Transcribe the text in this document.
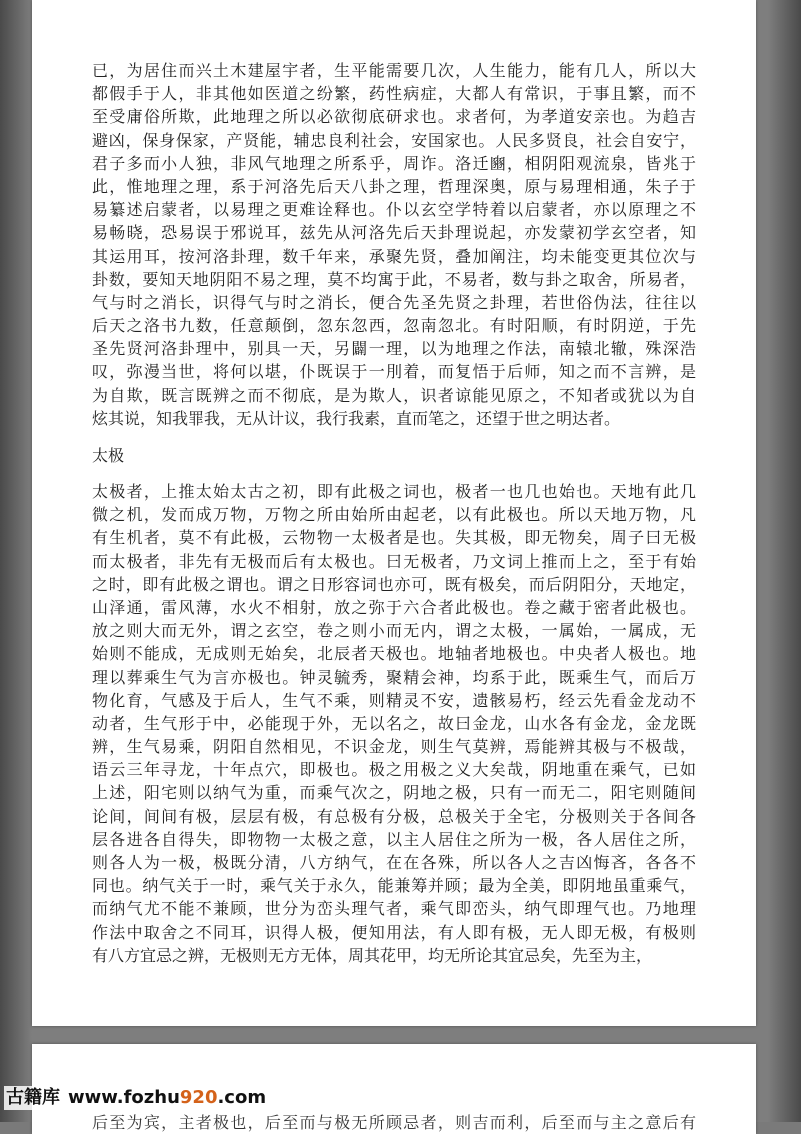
已，为居住而兴土木建屋宇者，生平能需要几次，人生能力，能有几人，所以大
都假手于人，非其他如医道之纷繁，药性病症，大都人有常识，于事且繁，而不
至受庸俗所欺，此地理之所以必欲彻底研求也。求者何，为孝道安亲也。为趋吉
避凶，保身保家，产贤能，辅忠良利社会，安国家也。人民多贤良，社会自安宁，
君子多而小人独，非风气地理之所系乎，周诈。洛迁豳，相阴阳观流泉，皆兆于
此，惟地理之理，系于河洛先后天八卦之理，哲理深奥，原与易理相通，朱子于
易纂述启蒙者，以易理之更难诠释也。仆以玄空学特着以启蒙者，亦以原理之不
易畅晓，恐易误于邪说耳，兹先从河洛先后天卦理说起，亦发蒙初学玄空者，知
其运用耳，按河洛卦理，数千年来，承聚先贤，叠加阐注，均未能变更其位次与
卦数，要知天地阴阳不易之理，莫不均寓于此，不易者，数与卦之取舍，所易者，
气与时之消长，识得气与时之消长，便合先圣先贤之卦理，若世俗伪法，往往以
后天之洛书九数，任意颠倒，忽东忽西，忽南忽北。有时阳顺，有时阴逆，于先
圣先贤河洛卦理中，别具一天，另闢一理，以为地理之作法，南辕北辙，殊深浩
叹，弥漫当世，将何以堪，仆既误于一刖着，而复悟于后师，知之而不言辨，是
为自欺，既言既辨之而不彻底，是为欺人，识者谅能见原之，不知者或犹以为自
炫其说，知我罪我，无从计议，我行我素，直而笔之，还望于世之明达者。
太极
太极者，上推太始太古之初，即有此极之词也，极者一也几也始也。天地有此几
微之机，发而成万物，万物之所由始所由起老，以有此极也。所以天地万物，凡
有生机者，莫不有此极，云物物一太极者是也。失其极，即无物矣，周子曰无极
而太极者，非先有无极而后有太极也。曰无极者，乃文词上推而上之，至于有始
之时，即有此极之谓也。谓之日形容词也亦可，既有极矣，而后阴阳分，天地定，
山泽通，雷风薄，水火不相射，放之弥于六合者此极也。卷之藏于密者此极也。
放之则大而无外，谓之玄空，卷之则小而无内，谓之太极，一属始，一属成，无
始则不能成，无成则无始矣，北辰者天极也。地轴者地极也。中央者人极也。地
理以葬乘生气为言亦极也。钟灵毓秀，聚精会神，均系于此，既乘生气，而后万
物化育，气感及于后人，生气不乘，则精灵不安，遗骸易朽，经云先看金龙动不
动者，生气形于中，必能现于外，无以名之，故曰金龙，山水各有金龙，金龙既
辨，生气易乘，阴阳自然相见，不识金龙，则生气莫辨，焉能辨其极与不极哉，
语云三年寻龙，十年点穴，即极也。极之用极之义大矣哉，阴地重在乘气，已如
上述，阳宅则以纳气为重，而乘气次之，阴地之极，只有一而无二，阳宅则随间
论间，间间有极，层层有极，有总极有分极，总极关于全宅，分极则关于各间各
层各进各自得失，即物物一太极之意，以主人居住之所为一极，各人居住之所，
则各人为一极，极既分清，八方纳气，在在各殊，所以各人之吉凶悔吝，各各不
同也。纳气关于一时，乘气关于永久，能兼筹并顾；最为全美，即阴地虽重乘气，
而纳气尤不能不兼顾，世分为峦头理气者，乘气即峦头，纳气即理气也。乃地理
作法中取舍之不同耳，识得人极，便知用法，有人即有极，无人即无极，有极则
有八方宜忌之辨，无极则无方无体，周其花甲，均无所论其宜忌矣，先至为主，
后至为宾，主者极也，后至而与极无所顾忌者，则吉而利，后至而与主之意后有
古籍库 www.fozhu920.com
